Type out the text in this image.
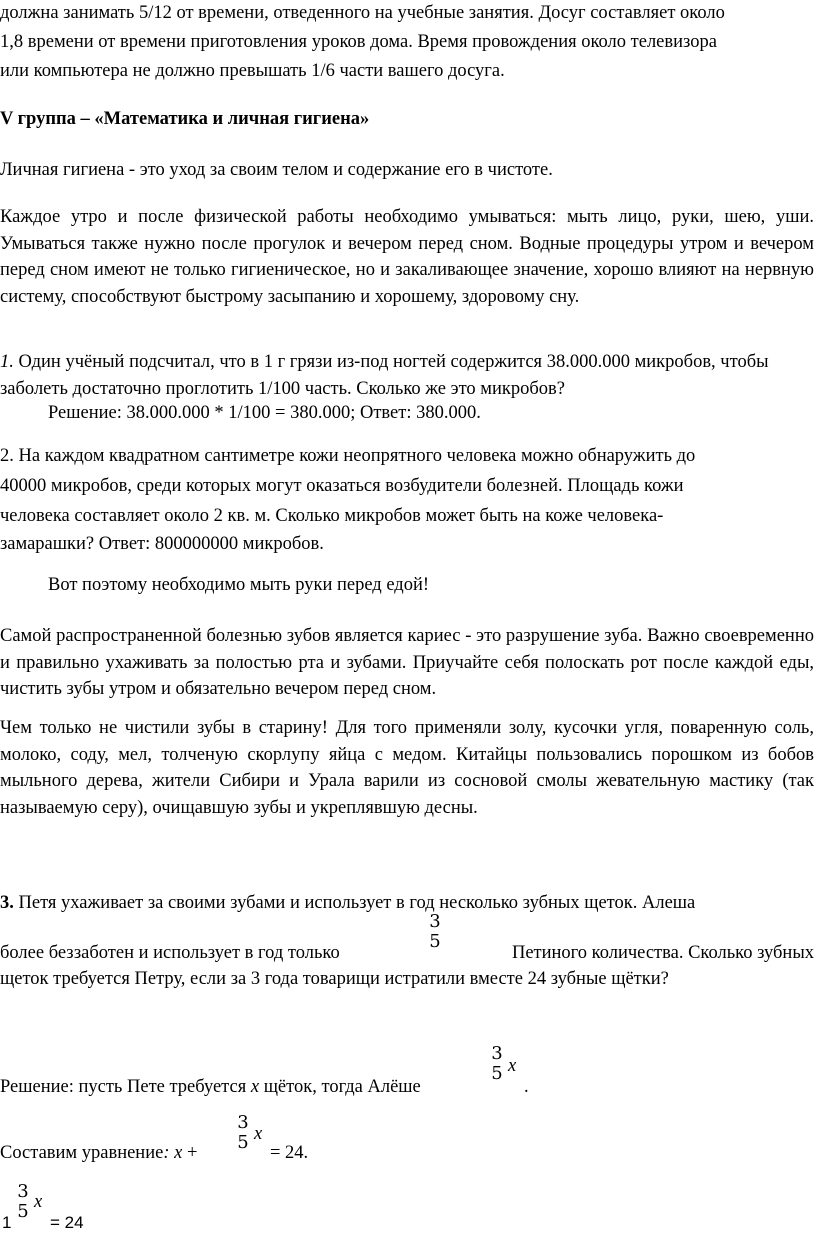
должна занимать 5/12 от времени, отведенного на учебные занятия. Досуг составляет около

1,8 времени от времени приготовления уроков дома. Время провождения около телевизора

или компьютера не должно превышать 1/6 части вашего досуга.

V группа – «Математика и личная гигиена»

Личная гигиена - это уход за своим телом и содержание его в чистоте.

Каждое утро и после физической работы необходимо умываться: мыть лицо, руки, шею, уши. Умываться также нужно после прогулок и вечером перед сном. Водные процедуры утром и вечером перед сном имеют не только гигиеническое, но и закаливающее значение, хорошо влияют на нервную систему, способствуют быстрому засыпанию и хорошему, здоровому сну.

1. Один учёный подсчитал, что в 1 г грязи из-под ногтей содержится 38.000.000 микробов, чтобы заболеть достаточно проглотить 1/100 часть. Сколько же это микробов?

Решение: 38.000.000 * 1/100 = 380.000; Ответ: 380.000.

2. На каждом квадратном сантиметре кожи неопрятного человека можно обнаружить до

40000 микробов, среди которых могут оказаться возбудители болезней. Площадь кожи

человека составляет около 2 кв. м. Сколько микробов может быть на коже человека-

замарашки? Ответ: 800000000 микробов.

Вот поэтому необходимо мыть руки перед едой!

Самой распространенной болезнью зубов является кариес - это разрушение зуба. Важно своевременно и правильно ухаживать за полостью рта и зубами. Приучайте себя полоскать рот после каждой еды, чистить зубы утром и обязательно вечером перед сном.

Чем только не чистили зубы в старину! Для того применяли золу, кусочки угля, поваренную соль, молоко, соду, мел, толченую скорлупу яйца с медом. Китайцы пользовались порошком из бобов мыльного дерева, жители Сибири и Урала варили из сосновой смолы жевательную мастику (так называемую серу), очищавшую зубы и укреплявшую десны.

3. Петя ухаживает за своими зубами и использует в год несколько зубных щеток. Алеша

3
5
более беззаботен и использует в год только	Петиного количества. Сколько зубных

щеток требуется Петру, если за 3 года товарищи истратили вместе 24 зубные щётки?

Решение: пусть Пете требуется x щёток, тогда Алёше
3
5 x
.
Составим уравнение: x +
3
5 x
= 24.
1
3
5 x
= 24
